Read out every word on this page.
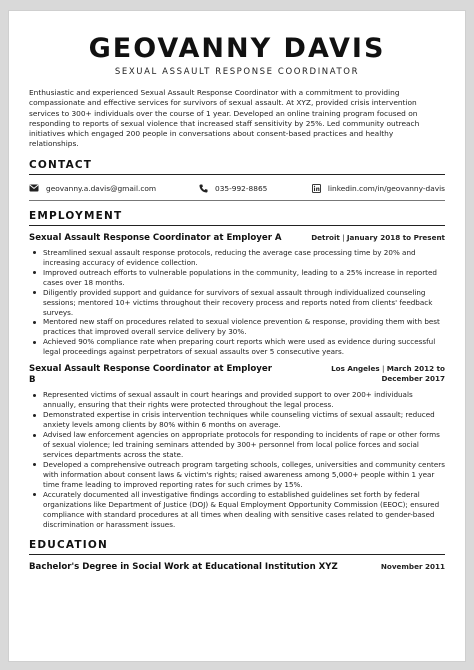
GEOVANNY DAVIS
SEXUAL ASSAULT RESPONSE COORDINATOR

Enthusiastic and experienced Sexual Assault Response Coordinator with a commitment to providing compassionate and effective services for survivors of sexual assault. At XYZ, provided crisis intervention services to 300+ individuals over the course of 1 year. Developed an online training program focused on responding to reports of sexual violence that increased staff sensitivity by 25%. Led community outreach initiatives which engaged 200 people in conversations about consent-based practices and healthy relationships.

CONTACT
geovanny.a.davis@gmail.com	035-992-8865	linkedin.com/in/geovanny-davis
EMPLOYMENT
Sexual Assault Response Coordinator at Employer A	Detroit | January 2018 to Present
Streamlined sexual assault response protocols, reducing the average case processing time by 20% and increasing accuracy of evidence collection.
Improved outreach efforts to vulnerable populations in the community, leading to a 25% increase in reported cases over 18 months.
Diligently provided support and guidance for survivors of sexual assault through individualized counseling sessions; mentored 10+ victims throughout their recovery process and reports noted from clients' feedback surveys.
Mentored new staff on procedures related to sexual violence prevention & response, providing them with best practices that improved overall service delivery by 30%.
Achieved 90% compliance rate when preparing court reports which were used as evidence during successful legal proceedings against perpetrators of sexual assaults over 5 consecutive years.
Sexual Assault Response Coordinator at Employer B
Los Angeles | March 2012 to December 2017
Represented victims of sexual assault in court hearings and provided support to over 200+ individuals annually, ensuring that their rights were protected throughout the legal process.
Demonstrated expertise in crisis intervention techniques while counseling victims of sexual assault; reduced anxiety levels among clients by 80% within 6 months on average.
Advised law enforcement agencies on appropriate protocols for responding to incidents of rape or other forms of sexual violence; led training seminars attended by 300+ personnel from local police forces and social services departments across the state.
Developed a comprehensive outreach program targeting schools, colleges, universities and community centers with information about consent laws & victim's rights; raised awareness among 5,000+ people within 1 year time frame leading to improved reporting rates for such crimes by 15%.
Accurately documented all investigative findings according to established guidelines set forth by federal organizations like Department of Justice (DOJ) & Equal Employment Opportunity Commission (EEOC); ensured compliance with standard procedures at all times when dealing with sensitive cases related to gender-based discrimination or harassment issues.
EDUCATION
Bachelor's Degree in Social Work at Educational Institution XYZ	November 2011
